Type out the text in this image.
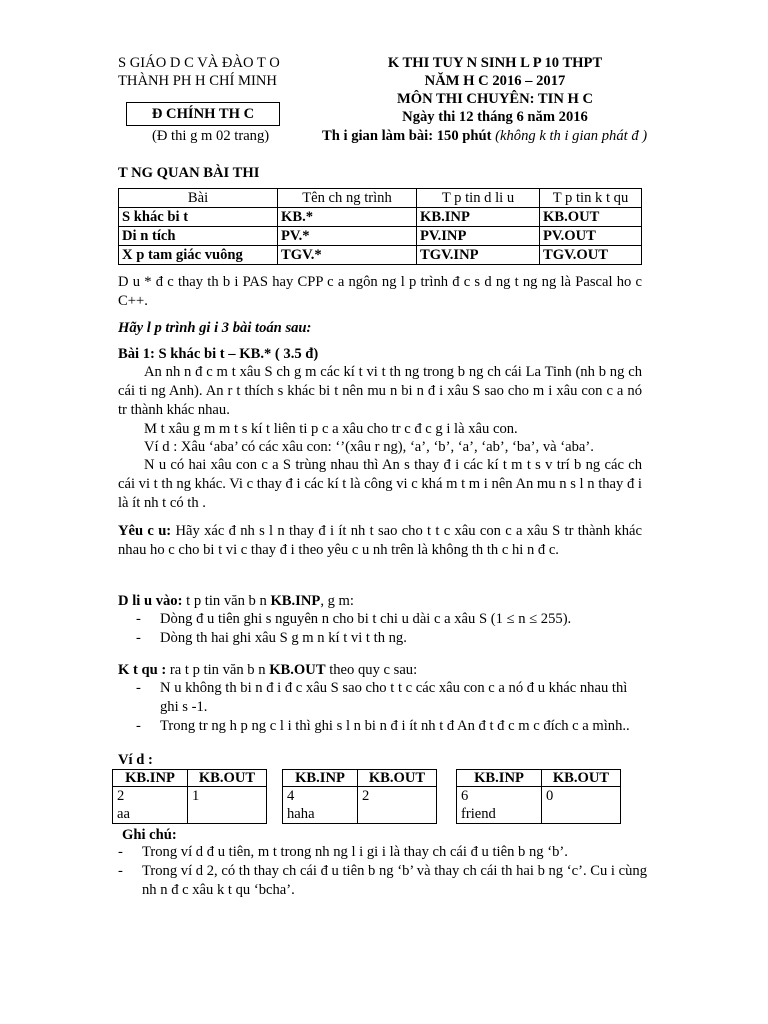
S GIÁO D C VÀ ĐÀO T O
THÀNH PH H CHÍ MINH
Đ CHÍNH TH C
(Đ thi g m 02 trang)
K THI TUY N SINH L P 10 THPT
NĂM H C 2016 – 2017
MÔN THI CHUYÊN: TIN H C
Ngày thi 12 tháng 6 năm 2016
Th i gian làm bài: 150 phút (không k th i gian phát đ )
T NG QUAN BÀI THI
Bài	Tên ch ng trình	T p tin d li u	T p tin k t qu
S khác bi t	KB.*	KB.INP	KB.OUT
Di n tích	PV.*	PV.INP	PV.OUT
X p tam giác vuông	TGV.*	TGV.INP	TGV.OUT
D u * đ c thay th b i PAS hay CPP c a ngôn ng l p trình đ c s d ng t ng ng là Pascal ho c C++.
Hãy l p trình gi i 3 bài toán sau:
Bài 1: S khác bi t – KB.* ( 3.5 đ)
An nh n đ c m t xâu S ch g m các kí t vi t th ng trong b ng ch cái La Tinh (nh b ng ch cái ti ng Anh). An r t thích s khác bi t nên mu n bi n đ i xâu S sao cho m i xâu con c a nó tr thành khác nhau.
M t xâu g m m t s kí t liên ti p c a xâu cho tr c đ c g i là xâu con.
Ví d : Xâu ‘aba’ có các xâu con: ‘’(xâu r ng), ‘a’, ‘b’, ‘a’, ‘ab’, ‘ba’, và ‘aba’.
N u có hai xâu con c a S trùng nhau thì An s thay đ i các kí t m t s v trí b ng các ch cái vi t th ng khác. Vi c thay đ i các kí t là công vi c khá m t m i nên An mu n s l n thay đ i là ít nh t có th .
Yêu c u: Hãy xác đ nh s l n thay đ i ít nh t sao cho t t c xâu con c a xâu S tr thành khác nhau ho c cho bi t vi c thay đ i theo yêu c u nh trên là không th th c hi n đ c.
D li u vào: t p tin văn b n KB.INP, g m:
-	Dòng đ u tiên ghi s nguyên n cho bi t chi u dài c a xâu S (1 ≤ n ≤ 255).
-	Dòng th hai ghi xâu S g m n kí t vi t th ng.
K t qu : ra t p tin văn b n KB.OUT theo quy c sau:
-	N u không th bi n đ i đ c xâu S sao cho t t c các xâu con c a nó đ u khác nhau thì ghi s -1.
-	Trong tr ng h p ng c l i thì ghi s l n bi n đ i ít nh t đ An đ t đ c m c đích c a mình..
Ví d :
KB.INP	KB.OUT

2
aa	1
KB.INP	KB.OUT

4
haha	2
KB.INP	KB.OUT

6
friend	0
Ghi chú:
-	Trong ví d đ u tiên, m t trong nh ng l i gi i là thay ch cái đ u tiên b ng ‘b’.
-	Trong ví d 2, có th thay ch cái đ u tiên b ng ‘b’ và thay ch cái th hai b ng ‘c’. Cu i cùng nh n đ c xâu k t qu ‘bcha’.
